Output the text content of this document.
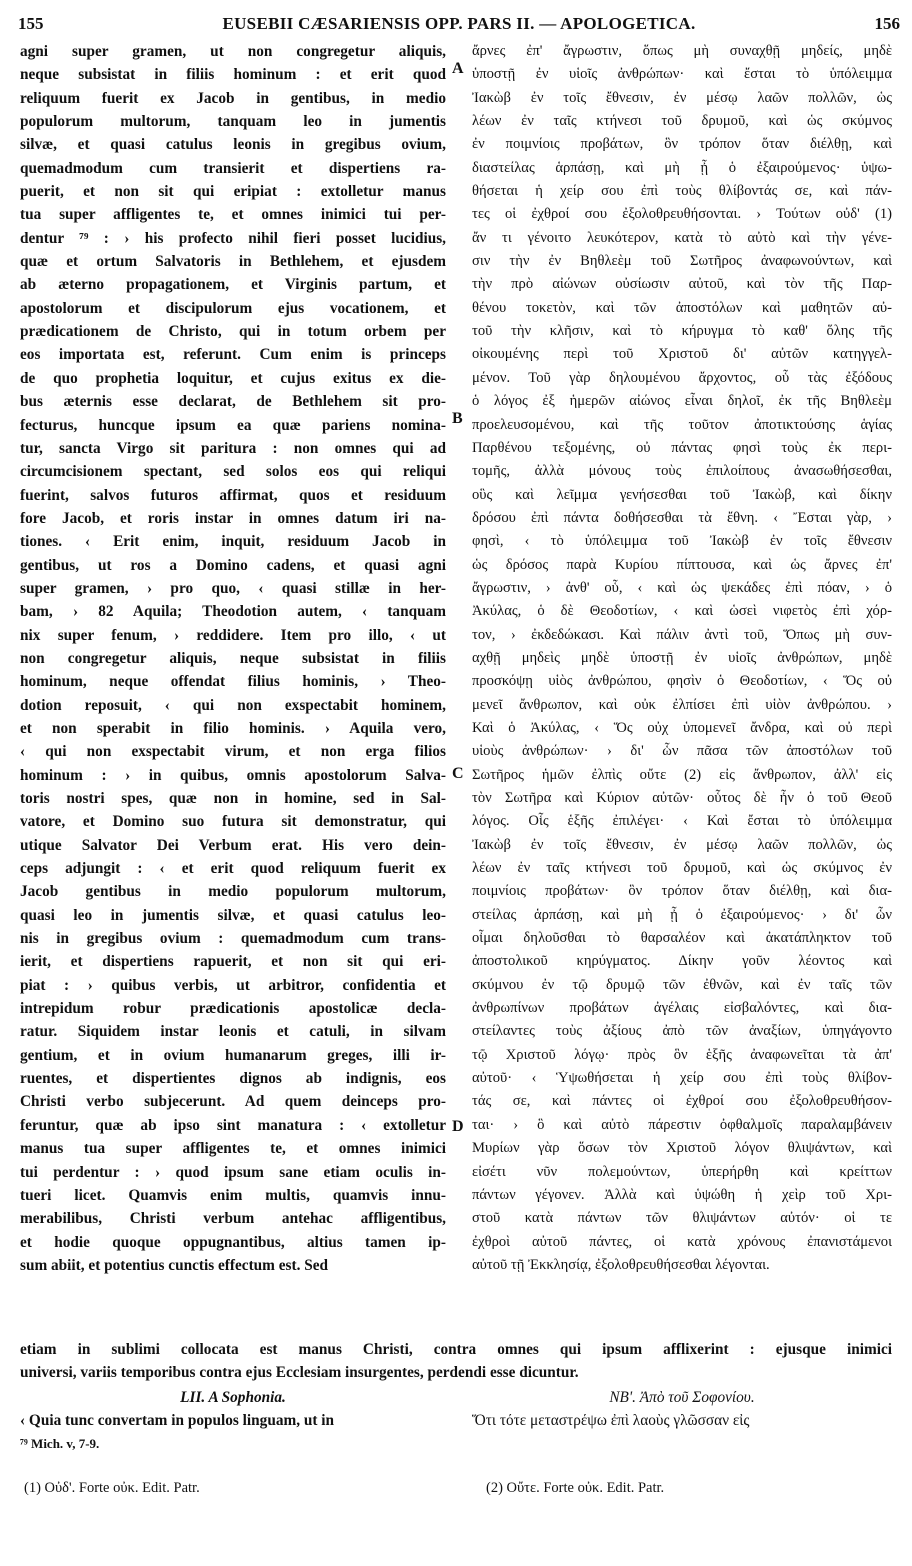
155	EUSEBII CÆSARIENSIS OPP. PARS II. — APOLOGETICA.	156
agni super gramen, ut non congregetur aliquis,
neque subsistat in filiis hominum : et erit quod
reliquum fuerit ex Jacob in gentibus, in medio
populorum multorum, tanquam leo in jumentis
silvæ, et quasi catulus leonis in gregibus ovium,
quemadmodum cum transierit et dispertiens ra-
puerit, et non sit qui eripiat : extolletur manus
tua super affligentes te, et omnes inimici tui per-
dentur ⁷⁹ : › his profecto nihil fieri posset lucidius,
quæ et ortum Salvatoris in Bethlehem, et ejusdem
ab æterno propagationem, et Virginis partum, et
apostolorum et discipulorum ejus vocationem, et
prædicationem de Christo, qui in totum orbem per
eos importata est, referunt. Cum enim is princeps
de quo prophetia loquitur, et cujus exitus ex die-
bus æternis esse declarat, de Bethlehem sit pro-
fecturus, huncque ipsum ea quæ pariens nomina-
tur, sancta Virgo sit paritura : non omnes qui ad
circumcisionem spectant, sed solos eos qui reliqui
fuerint, salvos futuros affirmat, quos et residuum
fore Jacob, et roris instar in omnes datum iri na-
tiones. ‹ Erit enim, inquit, residuum Jacob in
gentibus, ut ros a Domino cadens, et quasi agni
super gramen, › pro quo, ‹ quasi stillæ in her-
bam, › 82 Aquila; Theodotion autem, ‹ tanquam
nix super fenum, › reddidere. Item pro illo, ‹ ut
non congregetur aliquis, neque subsistat in filiis
hominum, neque offendat filius hominis, › Theo-
dotion reposuit, ‹ qui non exspectabit hominem,
et non sperabit in filio hominis. › Aquila vero,
‹ qui non exspectabit virum, et non erga filios
hominum : › in quibus, omnis apostolorum Salva-
toris nostri spes, quæ non in homine, sed in Sal-
vatore, et Domino suo futura sit demonstratur, qui
utique Salvator Dei Verbum erat. His vero dein-
ceps adjungit : ‹ et erit quod reliquum fuerit ex
Jacob gentibus in medio populorum multorum,
quasi leo in jumentis silvæ, et quasi catulus leo-
nis in gregibus ovium : quemadmodum cum trans-
ierit, et dispertiens rapuerit, et non sit qui eri-
piat : › quibus verbis, ut arbitror, confidentia et
intrepidum robur prædicationis apostolicæ decla-
ratur. Siquidem instar leonis et catuli, in silvam
gentium, et in ovium humanarum greges, illi ir-
ruentes, et dispertientes dignos ab indignis, eos
Christi verbo subjecerunt. Ad quem deinceps pro-
feruntur, quæ ab ipso sint manatura : ‹ extolletur
manus tua super affligentes te, et omnes inimici
tui perdentur : › quod ipsum sane etiam oculis in-
tueri licet. Quamvis enim multis, quamvis innu-
merabilibus, Christi verbum antehac affligentibus,
et hodie quoque oppugnantibus, altius tamen ip-
sum abiit, et potentius cunctis effectum est. Sed
ἄρνες ἐπ' ἄγρωστιν, ὅπως μὴ συναχθῇ μηδείς, μηδὲ
ὑποστῇ ἐν υἱοῖς ἀνθρώπων· καὶ ἔσται τὸ ὑπόλειμμα
Ἰακὼβ ἐν τοῖς ἔθνεσιν, ἐν μέσῳ λαῶν πολλῶν, ὡς
λέων ἐν ταῖς κτήνεσι τοῦ δρυμοῦ, καὶ ὡς σκύμνος
ἐν ποιμνίοις προβάτων, ὃν τρόπον ὅταν διέλθῃ, καὶ
διαστείλας ἁρπάσῃ, καὶ μὴ ᾖ ὁ ἐξαιρούμενος· ὑψω-
θήσεται ἡ χείρ σου ἐπὶ τοὺς θλίβοντάς σε, καὶ πάν-
τες οἱ ἐχθροί σου ἐξολοθρευθήσονται. › Τούτων οὐδ' (1)
ἄν τι γένοιτο λευκότερον, κατὰ τὸ αὐτὸ καὶ τὴν γένε-
σιν τὴν ἐν Βηθλεὲμ τοῦ Σωτῆρος ἀναφωνούντων, καὶ
τὴν πρὸ αἰώνων οὐσίωσιν αὐτοῦ, καὶ τὸν τῆς Παρ-
θένου τοκετὸν, καὶ τῶν ἀποστόλων καὶ μαθητῶν αὐ-
τοῦ τὴν κλῆσιν, καὶ τὸ κήρυγμα τὸ καθ' ὅλης τῆς
οἰκουμένης περὶ τοῦ Χριστοῦ δι' αὐτῶν κατηγγελ-
μένον. Τοῦ γὰρ δηλουμένου ἄρχοντος, οὗ τὰς ἐξόδους
ὁ λόγος ἐξ ἡμερῶν αἰώνος εἶναι δηλοῖ, ἐκ τῆς Βηθλεὲμ
προελευσομένου, καὶ τῆς τοῦτον ἀποτικτούσης ἁγίας
Παρθένου τεξομένης, οὐ πάντας φησὶ τοὺς ἐκ περι-
τομῆς, ἀλλὰ μόνους τοὺς ἐπιλοίπους ἀνασωθήσεσθαι,
οὓς καὶ λεῖμμα γενήσεσθαι τοῦ Ἰακὼβ, καὶ δίκην
δρόσου ἐπὶ πάντα δοθήσεσθαι τὰ ἔθνη. ‹ Ἔσται γὰρ, ›
φησὶ, ‹ τὸ ὑπόλειμμα τοῦ Ἰακὼβ ἐν τοῖς ἔθνεσιν
ὡς δρόσος παρὰ Κυρίου πίπτουσα, καὶ ὡς ἄρνες ἐπ'
ἄγρωστιν, › ἀνθ' οὗ, ‹ καὶ ὡς ψεκάδες ἐπὶ πόαν, › ὁ
Ἀκύλας, ὁ δὲ Θεοδοτίων, ‹ καὶ ὡσεὶ νιφετὸς ἐπὶ χόρ-
τον, › ἐκδεδώκασι. Καὶ πάλιν ἀντὶ τοῦ, Ὅπως μὴ συν-
αχθῇ μηδεὶς μηδὲ ὑποστῇ ἐν υἱοῖς ἀνθρώπων, μηδὲ
προσκόψῃ υἱὸς ἀνθρώπου, φησὶν ὁ Θεοδοτίων, ‹ Ὅς οὐ
μενεῖ ἄνθρωπον, καὶ οὐκ ἐλπίσει ἐπὶ υἱὸν ἀνθρώπου. ›
Καὶ ὁ Ἀκύλας, ‹ Ὅς οὐχ ὑπομενεῖ ἄνδρα, καὶ οὐ περὶ
υἱοὺς ἀνθρώπων· › δι' ὧν πᾶσα τῶν ἀποστόλων τοῦ
Σωτῆρος ἡμῶν ἐλπὶς οὔτε (2) εἰς ἄνθρωπον, ἀλλ' εἰς
τὸν Σωτῆρα καὶ Κύριον αὐτῶν· οὗτος δὲ ἦν ὁ τοῦ Θεοῦ
λόγος. Οἷς ἑξῆς ἐπιλέγει· ‹ Καὶ ἔσται τὸ ὑπόλειμμα
Ἰακὼβ ἐν τοῖς ἔθνεσιν, ἐν μέσῳ λαῶν πολλῶν, ὡς
λέων ἐν ταῖς κτήνεσι τοῦ δρυμοῦ, καὶ ὡς σκύμνος ἐν
ποιμνίοις προβάτων· ὃν τρόπον ὅταν διέλθῃ, καὶ δια-
στείλας ἁρπάσῃ, καὶ μὴ ᾖ ὁ ἐξαιρούμενος· › δι' ὧν
οἶμαι δηλοῦσθαι τὸ θαρσαλέον καὶ ἀκατάπληκτον τοῦ
ἀποστολικοῦ κηρύγματος. Δίκην γοῦν λέοντος καὶ
σκύμνου ἐν τῷ δρυμῷ τῶν ἐθνῶν, καὶ ἐν ταῖς τῶν
ἀνθρωπίνων προβάτων ἀγέλαις εἰσβαλόντες, καὶ δια-
στείλαντες τοὺς ἀξίους ἀπὸ τῶν ἀναξίων, ὑπηγάγοντο
τῷ Χριστοῦ λόγῳ· πρὸς ὃν ἑξῆς ἀναφωνεῖται τὰ ἀπ'
αὐτοῦ· ‹ Ὑψωθήσεται ἡ χείρ σου ἐπὶ τοὺς θλίβον-
τάς σε, καὶ πάντες οἱ ἐχθροί σου ἐξολοθρευθήσον-
ται· › ὃ καὶ αὐτὸ πάρεστιν ὀφθαλμοῖς παραλαμβάνειν
Μυρίων γὰρ ὅσων τὸν Χριστοῦ λόγον θλιψάντων, καὶ
εἰσέτι νῦν πολεμούντων, ὑπερήρθη καὶ κρείττων
πάντων γέγονεν. Ἀλλὰ καὶ ὑψώθη ἡ χεὶρ τοῦ Χρι-
στοῦ κατὰ πάντων τῶν θλιψάντων αὐτόν· οἱ τε
ἐχθροὶ αὐτοῦ πάντες, οἱ κατὰ χρόνους ἐπανιστάμενοι
αὐτοῦ τῇ Ἐκκλησίᾳ, ἐξολοθρευθήσεσθαι λέγονται.
A
B
C
D
etiam in sublimi collocata est manus Christi, contra omnes qui ipsum afflixerint : ejusque inimici
universi, variis temporibus contra ejus Ecclesiam insurgentes, perdendi esse dicuntur.
LII. A Sophonia.
‹ Quia tunc convertam in populos linguam, ut in
⁷⁹ Mich. v, 7-9.
ΝΒ'. Ἀπὸ τοῦ Σοφονίου.
Ὅτι τότε μεταστρέψω ἐπὶ λαοὺς γλῶσσαν εἰς
(1) Οὐδ'. Forte οὐκ. Edit. Patr.	(2) Οὔτε. Forte οὐκ. Edit. Patr.
